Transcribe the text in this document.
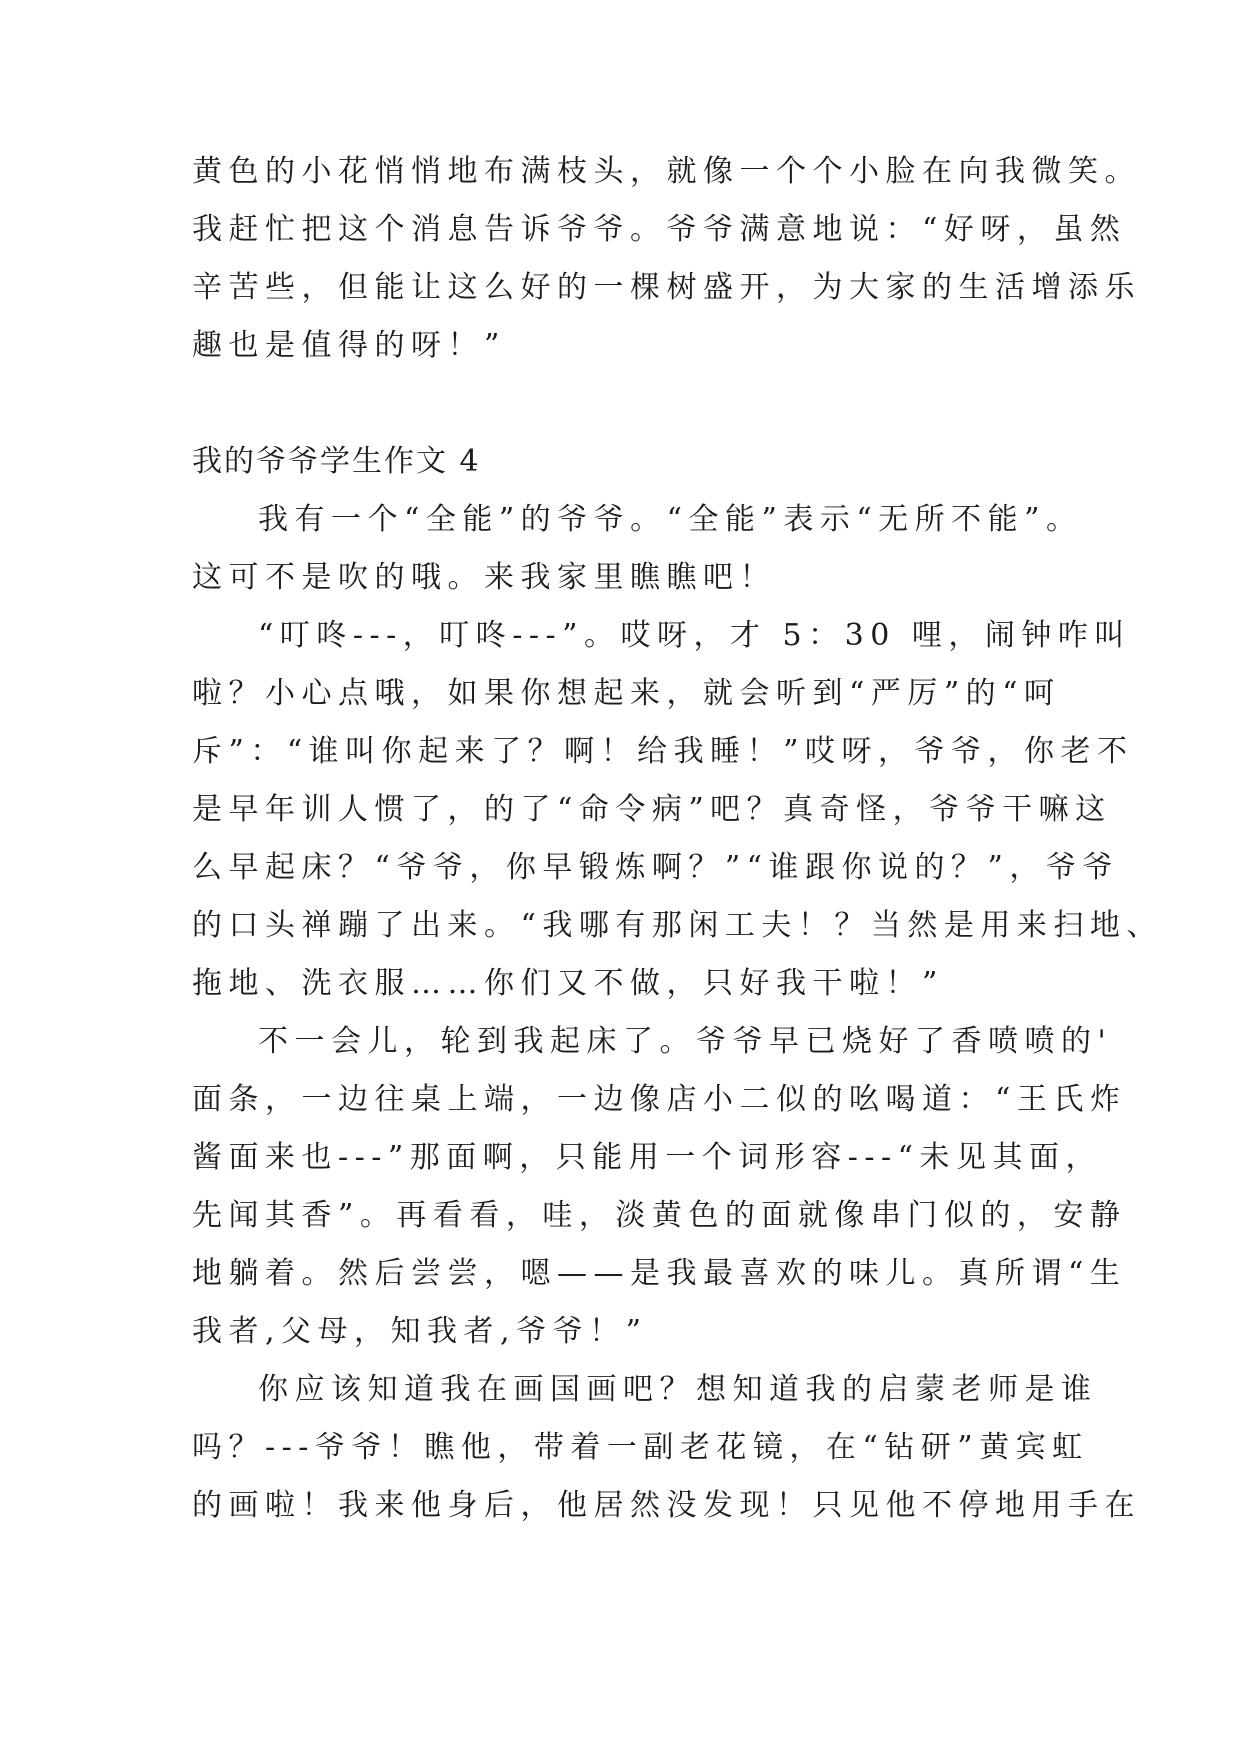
黄色的小花悄悄地布满枝头，就像一个个小脸在向我微笑。

我赶忙把这个消息告诉爷爷。爷爷满意地说：“好呀，虽然

辛苦些，但能让这么好的一棵树盛开，为大家的生活增添乐

趣也是值得的呀！”

我的爷爷学生作文 4

我有一个“全能”的爷爷。“全能”表示“无所不能”。

这可不是吹的哦。来我家里瞧瞧吧！

“叮咚---，叮咚---”。哎呀，才 5：30 哩，闹钟咋叫

啦？小心点哦，如果你想起来，就会听到“严厉”的“呵

斥”：“谁叫你起来了？啊！给我睡！”哎呀，爷爷，你老不

是早年训人惯了，的了“命令病”吧？真奇怪，爷爷干嘛这

么早起床？“爷爷，你早锻炼啊？”“谁跟你说的？”，爷爷

的口头禅蹦了出来。“我哪有那闲工夫！？当然是用来扫地、

拖地、洗衣服……你们又不做，只好我干啦！”

不一会儿，轮到我起床了。爷爷早已烧好了香喷喷的'

面条，一边往桌上端，一边像店小二似的吆喝道：“王氏炸

酱面来也---”那面啊，只能用一个词形容---“未见其面，

先闻其香”。再看看，哇，淡黄色的面就像串门似的，安静

地躺着。然后尝尝，嗯——是我最喜欢的味儿。真所谓“生

我者,父母，知我者,爷爷！”

你应该知道我在画国画吧？想知道我的启蒙老师是谁

吗？---爷爷！瞧他，带着一副老花镜，在“钻研”黄宾虹

的画啦！我来他身后，他居然没发现！只见他不停地用手在
